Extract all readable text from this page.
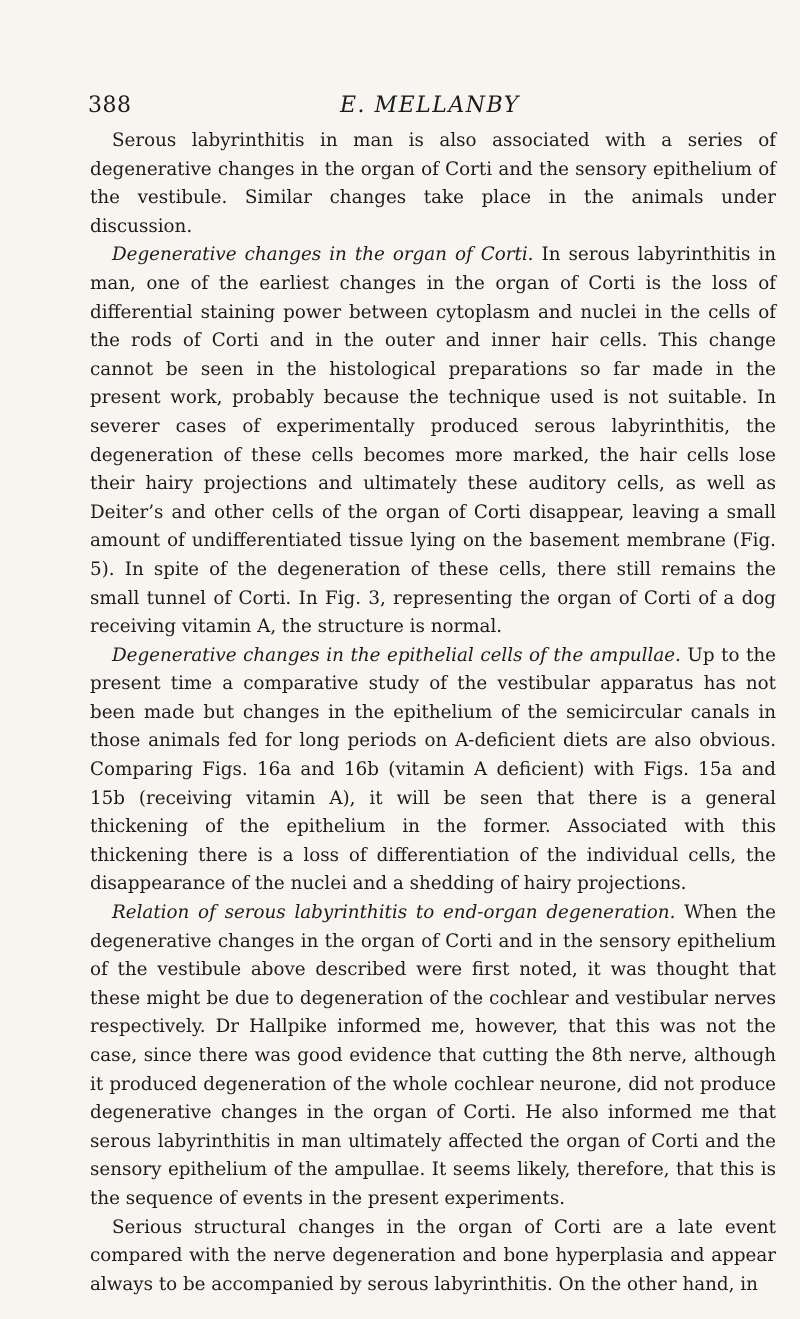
388	E. MELLANBY

Serous labyrinthitis in man is also associated with a series of degenerative changes in the organ of Corti and the sensory epithelium of the vestibule. Similar changes take place in the animals under discussion.

Degenerative changes in the organ of Corti. In serous labyrinthitis in man, one of the earliest changes in the organ of Corti is the loss of differential staining power between cytoplasm and nuclei in the cells of the rods of Corti and in the outer and inner hair cells. This change cannot be seen in the histological preparations so far made in the present work, probably because the technique used is not suitable. In severer cases of experimentally produced serous labyrinthitis, the degeneration of these cells becomes more marked, the hair cells lose their hairy projections and ultimately these auditory cells, as well as Deiter’s and other cells of the organ of Corti disappear, leaving a small amount of undifferentiated tissue lying on the basement membrane (Fig. 5). In spite of the degeneration of these cells, there still remains the small tunnel of Corti. In Fig. 3, representing the organ of Corti of a dog receiving vitamin A, the structure is normal.

Degenerative changes in the epithelial cells of the ampullae. Up to the present time a comparative study of the vestibular apparatus has not been made but changes in the epithelium of the semicircular canals in those animals fed for long periods on A-deficient diets are also obvious. Comparing Figs. 16a and 16b (vitamin A deficient) with Figs. 15a and 15b (receiving vitamin A), it will be seen that there is a general thickening of the epithelium in the former. Associated with this thickening there is a loss of differentiation of the individual cells, the disappearance of the nuclei and a shedding of hairy projections.

Relation of serous labyrinthitis to end-organ degeneration. When the degenerative changes in the organ of Corti and in the sensory epithelium of the vestibule above described were first noted, it was thought that these might be due to degeneration of the cochlear and vestibular nerves respectively. Dr Hallpike informed me, however, that this was not the case, since there was good evidence that cutting the 8th nerve, although it produced degeneration of the whole cochlear neurone, did not produce degenerative changes in the organ of Corti. He also informed me that serous labyrinthitis in man ultimately affected the organ of Corti and the sensory epithelium of the ampullae. It seems likely, therefore, that this is the sequence of events in the present experiments.

Serious structural changes in the organ of Corti are a late event compared with the nerve degeneration and bone hyperplasia and appear always to be accompanied by serous labyrinthitis. On the other hand, in
